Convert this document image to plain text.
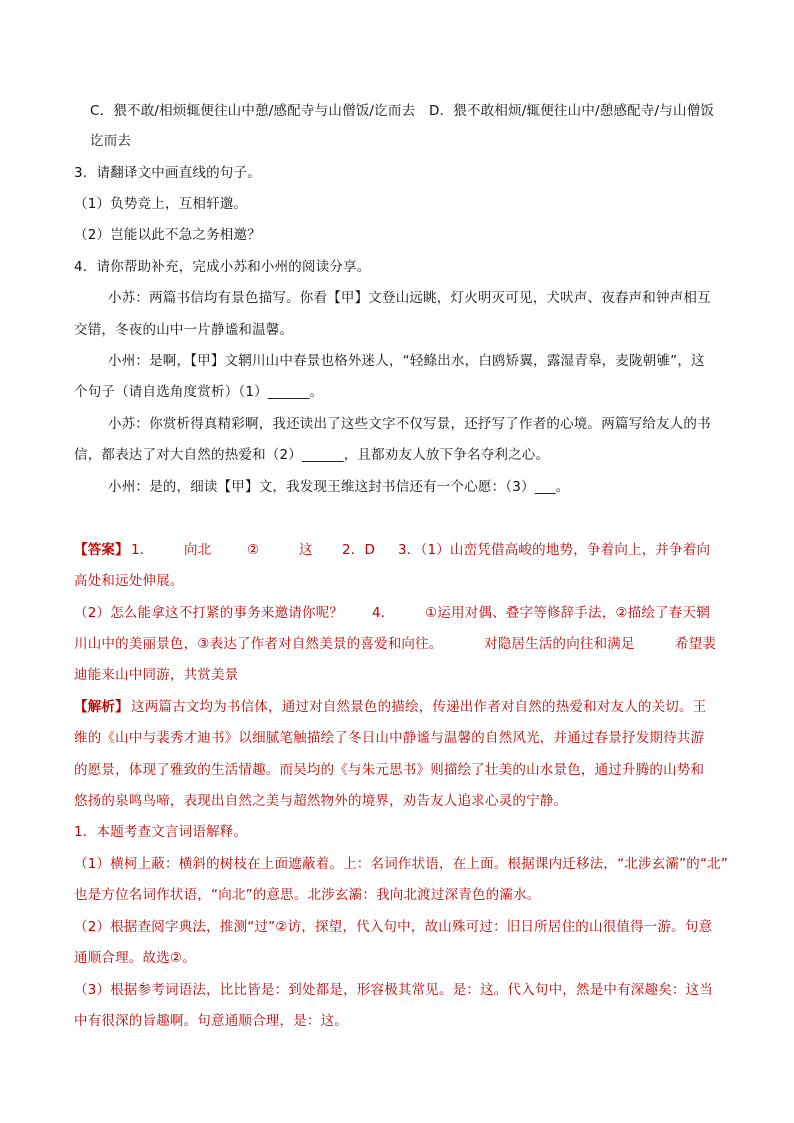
C．猥不敢/相烦辄便往山中憩/感配寺与山僧饭/讫而去　D．猥不敢相烦/辄便往山中/憩感配寺/与山僧饭
讫而去
3．请翻译文中画直线的句子。
（1）负势竞上，互相轩邈。
（2）岂能以此不急之务相邀？
4．请你帮助补充，完成小苏和小州的阅读分享。
小苏：两篇书信均有景色描写。你看【甲】文登山远眺，灯火明灭可见，犬吠声、夜舂声和钟声相互
交错，冬夜的山中一片静谧和温馨。
小州：是啊，【甲】文辋川山中春景也格外迷人，“轻鲦出水，白鸥矫翼，露湿青皋，麦陇朝雊”，这
个句子（请自选角度赏析）（1）______。
小苏：你赏析得真精彩啊，我还读出了这些文字不仅写景，还抒写了作者的心境。两篇写给友人的书
信，都表达了对大自然的热爱和（2）______，且都劝友人放下争名夺利之心。
小州：是的，细读【甲】文，我发现王维这封书信还有一个心愿：（3）___。
【答案】 1． 向北	②	这 2．D 3．（1）山峦凭借高峻的地势，争着向上，并争着向
高处和远处伸展。
（2）怎么能拿这不打紧的事务来邀请你呢？ 4． ①运用对偶、叠字等修辞手法，②描绘了春天辋
川山中的美丽景色，③表达了作者对自然美景的喜爱和向往。	对隐居生活的向往和满足	希望裴
迪能来山中同游，共赏美景
【解析】 这两篇古文均为书信体，通过对自然景色的描绘，传递出作者对自然的热爱和对友人的关切。王
维的《山中与裴秀才迪书》以细腻笔触描绘了冬日山中静谧与温馨的自然风光，并通过春景抒发期待共游
的愿景，体现了雅致的生活情趣。而吴均的《与朱元思书》则描绘了壮美的山水景色，通过升腾的山势和
悠扬的泉鸣鸟啼，表现出自然之美与超然物外的境界，劝告友人追求心灵的宁静。
1．本题考查文言词语解释。
（1）横柯上蔽：横斜的树枝在上面遮蔽着。上：名词作状语，在上面。根据课内迁移法，“北涉玄灞”的“北”
也是方位名词作状语，“向北”的意思。北涉玄灞：我向北渡过深青色的灞水。
（2）根据查阅字典法，推测“过”②访，探望，代入句中，故山殊可过：旧日所居住的山很值得一游。句意
通顺合理。故选②。
（3）根据参考词语法，比比皆是：到处都是，形容极其常见。是：这。代入句中，然是中有深趣矣：这当
中有很深的旨趣啊。句意通顺合理，是：这。
